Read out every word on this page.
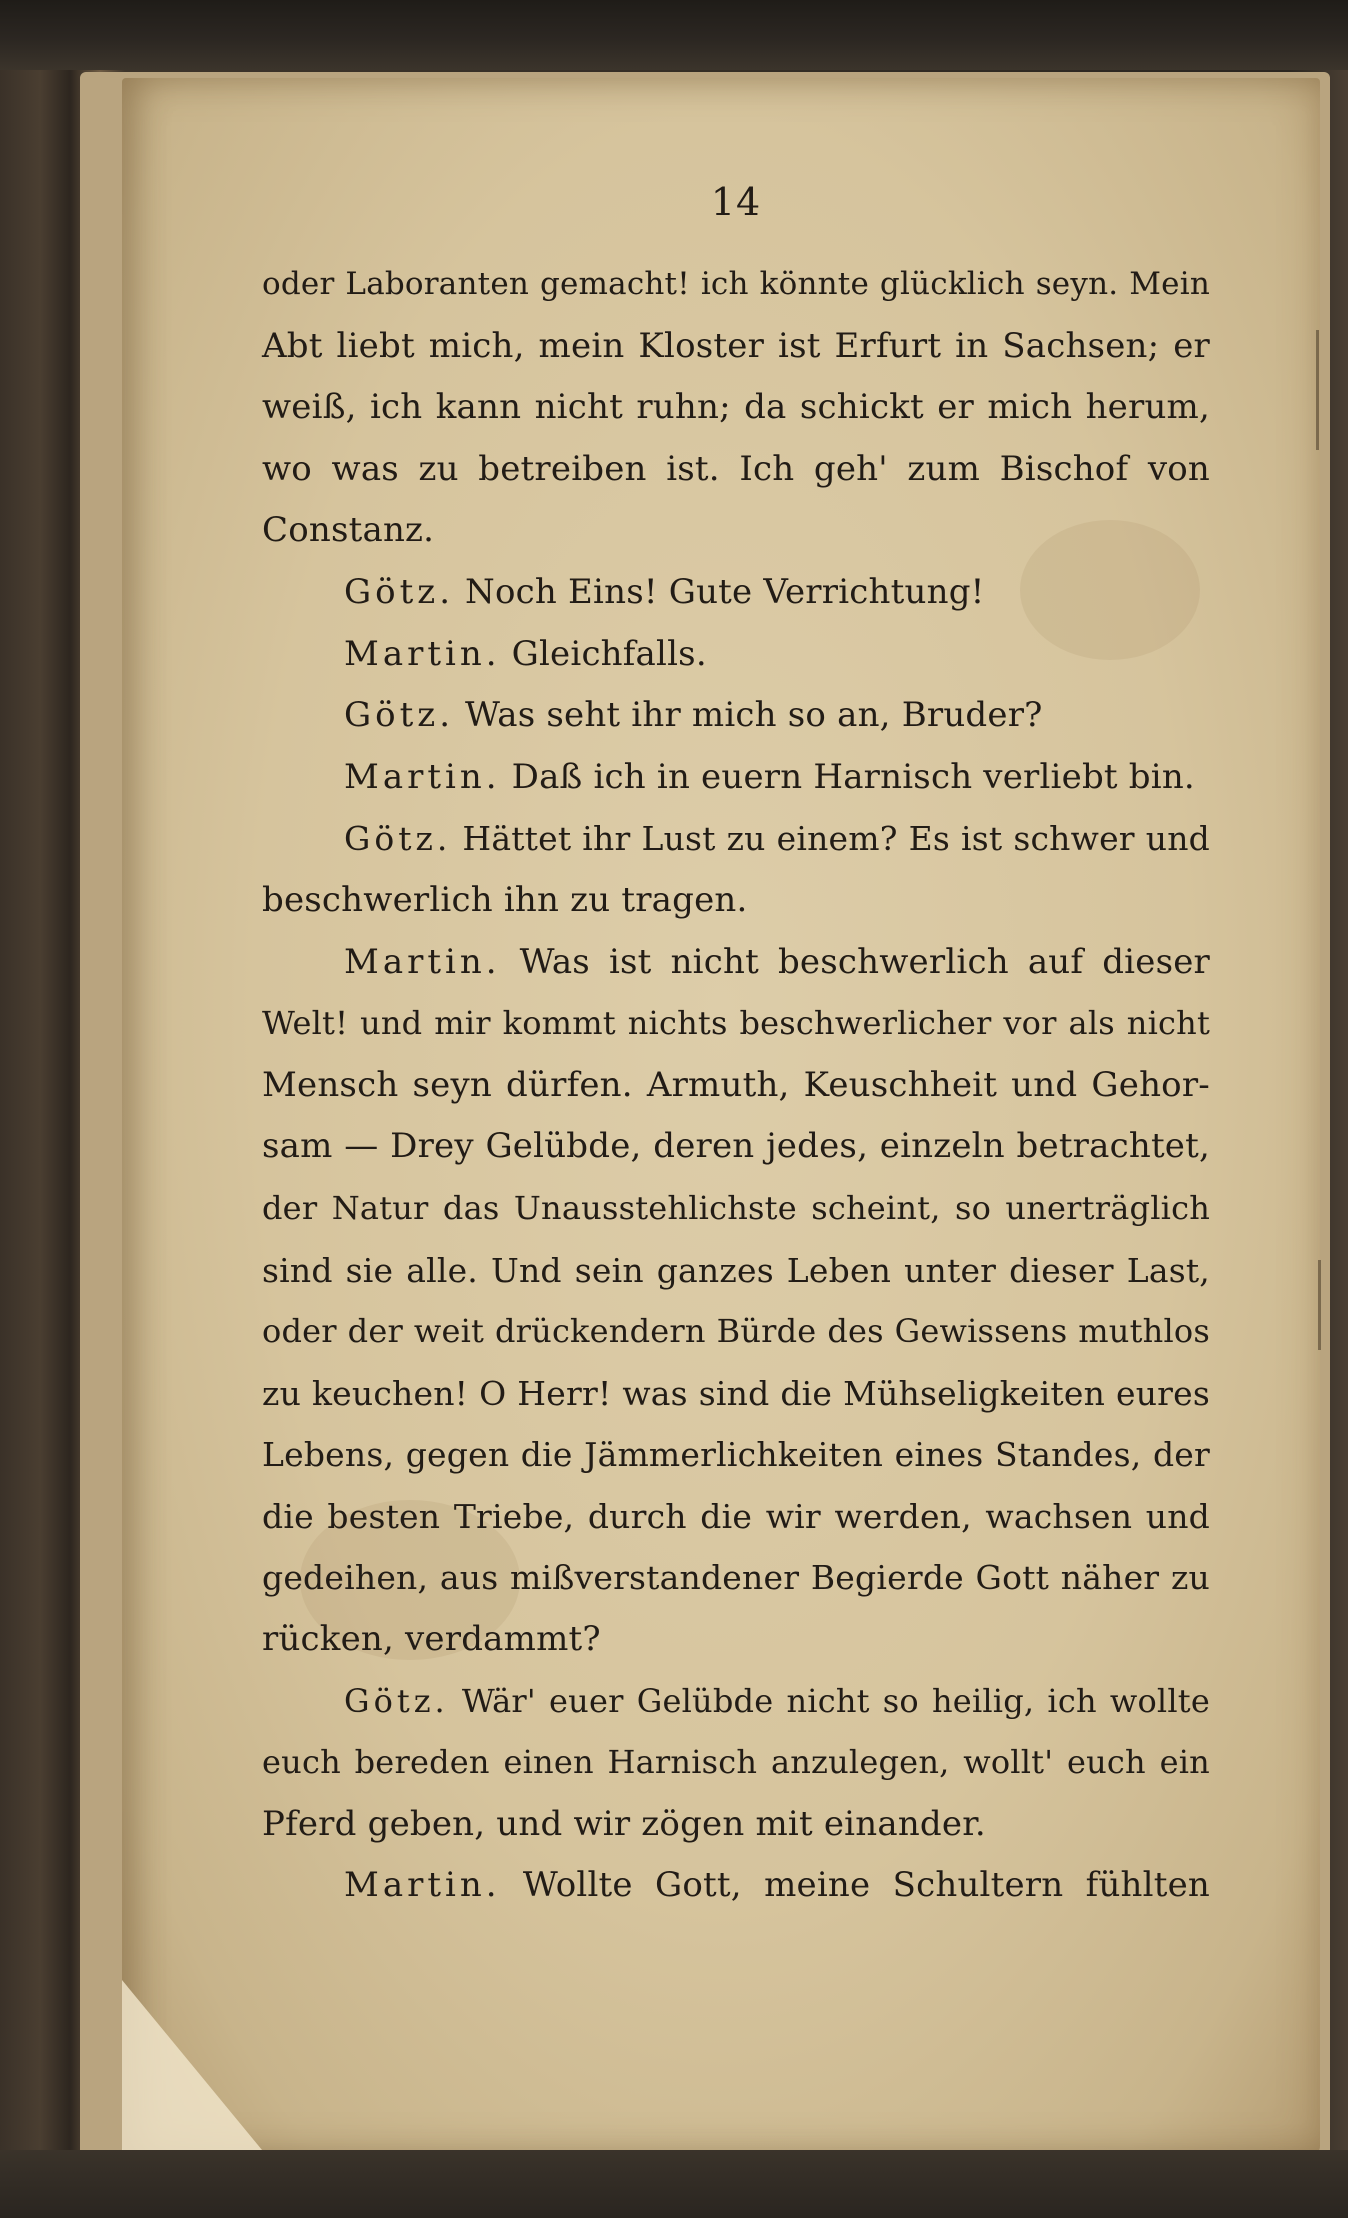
14
oder Laboranten gemacht! ich könnte glücklich seyn. Mein
Abt liebt mich, mein Kloster ist Erfurt in Sachsen; er
weiß, ich kann nicht ruhn; da schickt er mich herum,
wo was zu betreiben ist. Ich geh' zum Bischof von
Constanz.
Götz. Noch Eins! Gute Verrichtung!
Martin. Gleichfalls.
Götz. Was seht ihr mich so an, Bruder?
Martin. Daß ich in euern Harnisch verliebt bin.
Götz. Hättet ihr Lust zu einem? Es ist schwer und
beschwerlich ihn zu tragen.
Martin. Was ist nicht beschwerlich auf dieser
Welt! und mir kommt nichts beschwerlicher vor als nicht
Mensch seyn dürfen. Armuth, Keuschheit und Gehor-
sam — Drey Gelübde, deren jedes, einzeln betrachtet,
der Natur das Unausstehlichste scheint, so unerträglich
sind sie alle. Und sein ganzes Leben unter dieser Last,
oder der weit drückendern Bürde des Gewissens muthlos
zu keuchen! O Herr! was sind die Mühseligkeiten eures
Lebens, gegen die Jämmerlichkeiten eines Standes, der
die besten Triebe, durch die wir werden, wachsen und
gedeihen, aus mißverstandener Begierde Gott näher zu
rücken, verdammt?
Götz. Wär' euer Gelübde nicht so heilig, ich wollte
euch bereden einen Harnisch anzulegen, wollt' euch ein
Pferd geben, und wir zögen mit einander.
Martin. Wollte Gott, meine Schultern fühlten
